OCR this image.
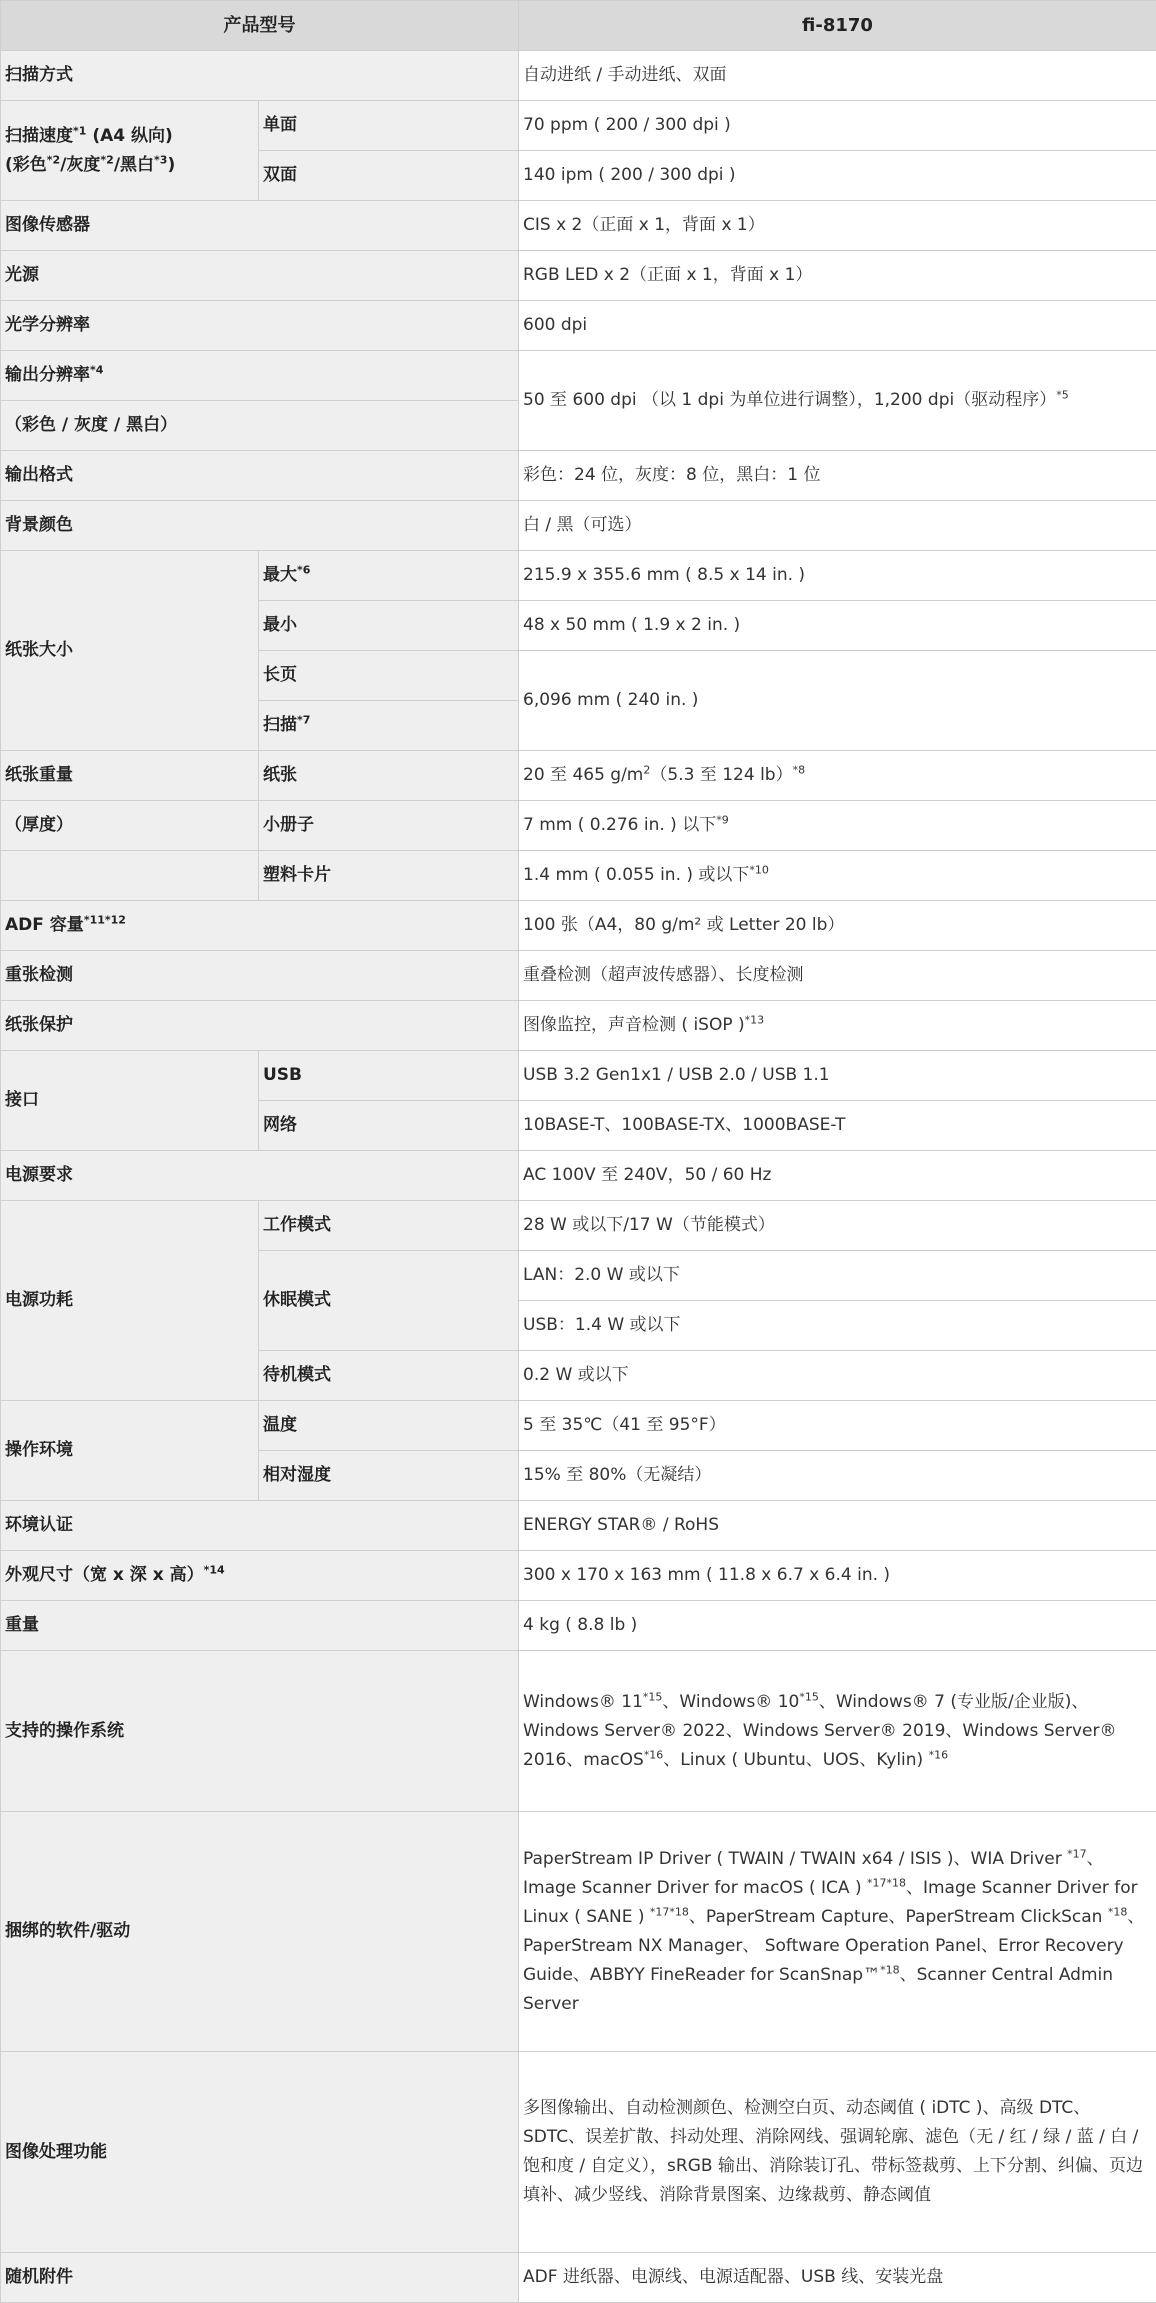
产品型号		fi-8170
扫描方式		自动进纸 / 手动进纸、双面

扫描速度$^{*1}$ (A4 纵向)
(彩色$^{*2}$/灰度$^{*2}$/黑白$^{*3}$)	单面	70 ppm ( 200 / 300 dpi )
	双面	140 ipm ( 200 / 300 dpi )
图像传感器		CIS x 2（正面 x 1，背面 x 1）
光源		RGB LED x 2（正面 x 1，背面 x 1）
光学分辨率		600 dpi
输出分辨率$^{*4}$		50 至 600 dpi （以 1 dpi 为单位进行调整），1,200 dpi（驱动程序）$^{*5}$
（彩色 / 灰度 / 黑白）		
输出格式		彩色：24 位，灰度：8 位，黑白：1 位
背景颜色		白 / 黑（可选）
纸张大小	最大$^{*6}$	215.9 x 355.6 mm ( 8.5 x 14 in. )
	最小	48 x 50 mm ( 1.9 x 2 in. )
	长页	6,096 mm ( 240 in. )
	扫描$^{*7}$
纸张重量	纸张	20 至 465 $g/m^2(5.3$ 至 124 lb）$^{*8}$
（厚度）	小册子	7 mm ( 0.276 in. ) 以下$^{*9}$
	塑料卡片	1.4 mm ( 0.055 in. ) 或以下$^{*10}$
ADF 容量$^{*11*12}$		100 张（A4，80 g/m² 或 Letter 20 lb）
重张检测		重叠检测（超声波传感器）、长度检测
纸张保护		图像监控，声音检测 ( iSOP )$^{*13}$
接口	USB	USB 3.2 Gen1x1 / USB 2.0 / USB 1.1
	网络	10BASE-T、100BASE-TX、1000BASE-T
电源要求		AC 100V 至 240V，50 / 60 Hz
电源功耗	工作模式	28 W 或以下/17 W（节能模式）
	休眠模式	LAN：2.0 W 或以下
		USB：1.4 W 或以下
	待机模式	0.2 W 或以下
操作环境	温度	5 至 35℃（41 至 95°F）
	相对湿度	15% 至 80%（无凝结）
环境认证		ENERGY STAR® / RoHS
外观尺寸（宽 x 深 x 高）$^{*14}$		300 x 170 x 163 mm ( 11.8 x 6.7 x 6.4 in. )
重量		4 kg ( 8.8 lb )
支持的操作系统		Windows® 11$^{*15}$、Windows® 10$^{*15}$、Windows® 7 (专业版/企业版)、Windows Server® 2022、Windows Server® 2019、Windows Server® 2016、macOS$^{*16}$、Linux ( Ubuntu、UOS、Kylin) $^{*16}$
捆绑的软件/驱动		PaperStream IP Driver ( TWAIN / TWAIN x64 / ISIS )、WIA Driver $^{*17}$、Image Scanner Driver for macOS ( ICA ) $^{*17*18}$、Image Scanner Driver for Linux ( SANE ) $^{*17*18}$、PaperStream Capture、PaperStream ClickScan $^{*18}$、PaperStream NX Manager、 Software Operation Panel、Error Recovery Guide、ABBYY FineReader for ScanSnap™$^{*18}$、Scanner Central Admin Server
图像处理功能		多图像输出、自动检测颜色、检测空白页、动态阈值 ( iDTC )、高级 DTC、SDTC、误差扩散、抖动处理、消除网线、强调轮廓、滤色（无 / 红 / 绿 / 蓝 / 白 / 饱和度 / 自定义），sRGB 输出、消除装订孔、带标签裁剪、上下分割、纠偏、页边填补、减少竖线、消除背景图案、边缘裁剪、静态阈值
随机附件		ADF 进纸器、电源线、电源适配器、USB 线、安装光盘
